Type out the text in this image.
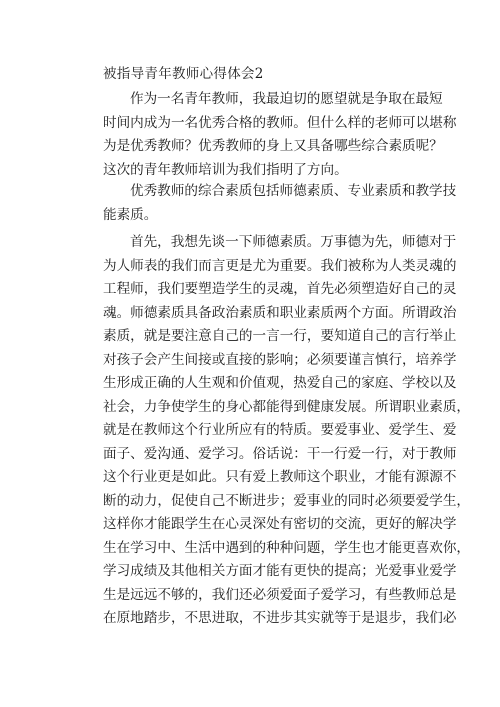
被指导青年教师心得体会2
作为一名青年教师，我最迫切的愿望就是争取在最短
时间内成为一名优秀合格的教师。但什么样的老师可以堪称
为是优秀教师？优秀教师的身上又具备哪些综合素质呢？
这次的青年教师培训为我们指明了方向。
优秀教师的综合素质包括师德素质、专业素质和教学技
能素质。
首先，我想先谈一下师德素质。万事德为先，师德对于
为人师表的我们而言更是尤为重要。我们被称为人类灵魂的
工程师，我们要塑造学生的灵魂，首先必须塑造好自己的灵
魂。师德素质具备政治素质和职业素质两个方面。所谓政治
素质，就是要注意自己的一言一行，要知道自己的言行举止
对孩子会产生间接或直接的影响；必须要谨言慎行，培养学
生形成正确的人生观和价值观，热爱自己的家庭、学校以及
社会，力争使学生的身心都能得到健康发展。所谓职业素质，
就是在教师这个行业所应有的特质。要爱事业、爱学生、爱
面子、爱沟通、爱学习。俗话说：干一行爱一行，对于教师
这个行业更是如此。只有爱上教师这个职业，才能有源源不
断的动力，促使自己不断进步；爱事业的同时必须要爱学生，
这样你才能跟学生在心灵深处有密切的交流，更好的解决学
生在学习中、生活中遇到的种种问题，学生也才能更喜欢你，
学习成绩及其他相关方面才能有更快的提高；光爱事业爱学
生是远远不够的，我们还必须爱面子爱学习，有些教师总是
在原地踏步，不思进取，不进步其实就等于是退步，我们必
